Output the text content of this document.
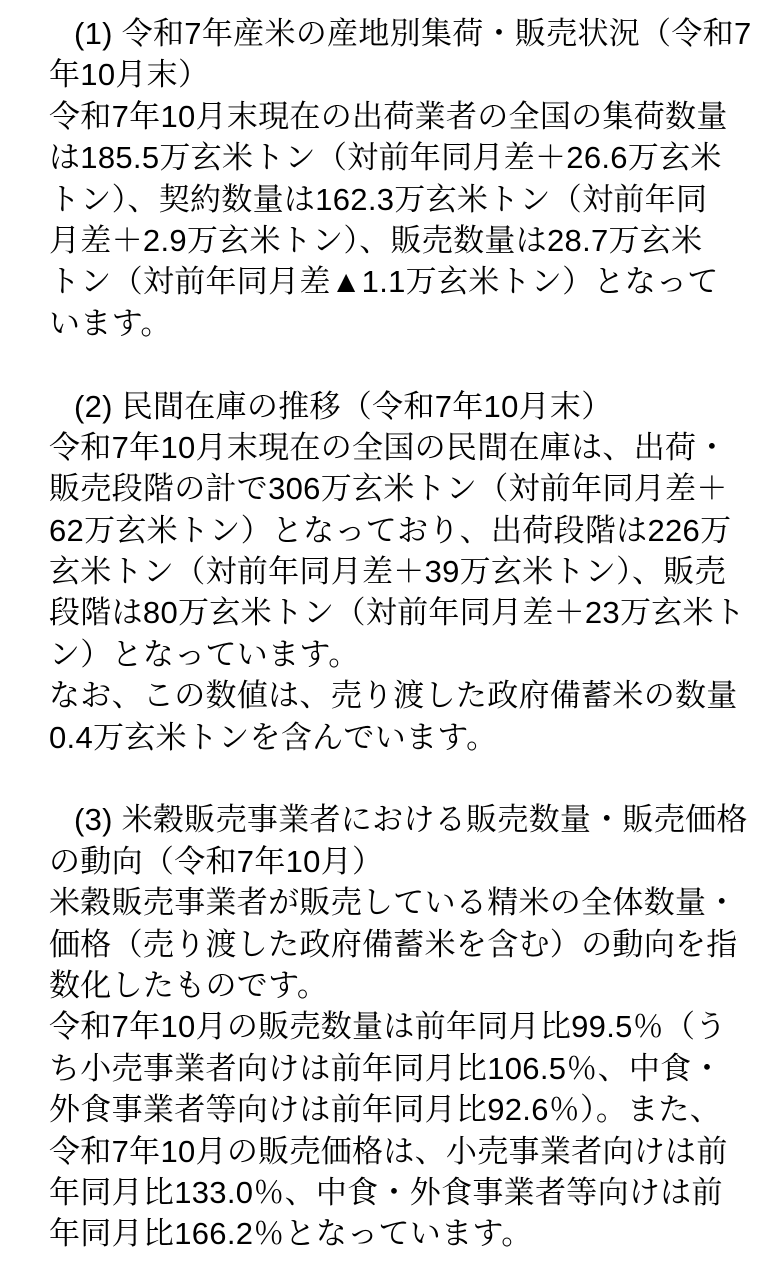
(1) 令和7年産米の産地別集荷・販売状況（令和7
年10月末）
令和7年10月末現在の出荷業者の全国の集荷数量
は185.5万玄米トン（対前年同月差＋26.6万玄米
トン）、契約数量は162.3万玄米トン（対前年同
月差＋2.9万玄米トン）、販売数量は28.7万玄米
トン（対前年同月差▲1.1万玄米トン）となって
います。
(2) 民間在庫の推移（令和7年10月末）
令和7年10月末現在の全国の民間在庫は、出荷・
販売段階の計で306万玄米トン（対前年同月差＋
62万玄米トン）となっており、出荷段階は226万
玄米トン（対前年同月差＋39万玄米トン）、販売
段階は80万玄米トン（対前年同月差＋23万玄米ト
ン）となっています。
なお、この数値は、売り渡した政府備蓄米の数量
0.4万玄米トンを含んでいます。
(3) 米穀販売事業者における販売数量・販売価格
の動向（令和7年10月）
米穀販売事業者が販売している精米の全体数量・
価格（売り渡した政府備蓄米を含む）の動向を指
数化したものです。
令和7年10月の販売数量は前年同月比99.5％（う
ち小売事業者向けは前年同月比106.5％、中食・
外食事業者等向けは前年同月比92.6％）。また、
令和7年10月の販売価格は、小売事業者向けは前
年同月比133.0％、中食・外食事業者等向けは前
年同月比166.2％となっています。
